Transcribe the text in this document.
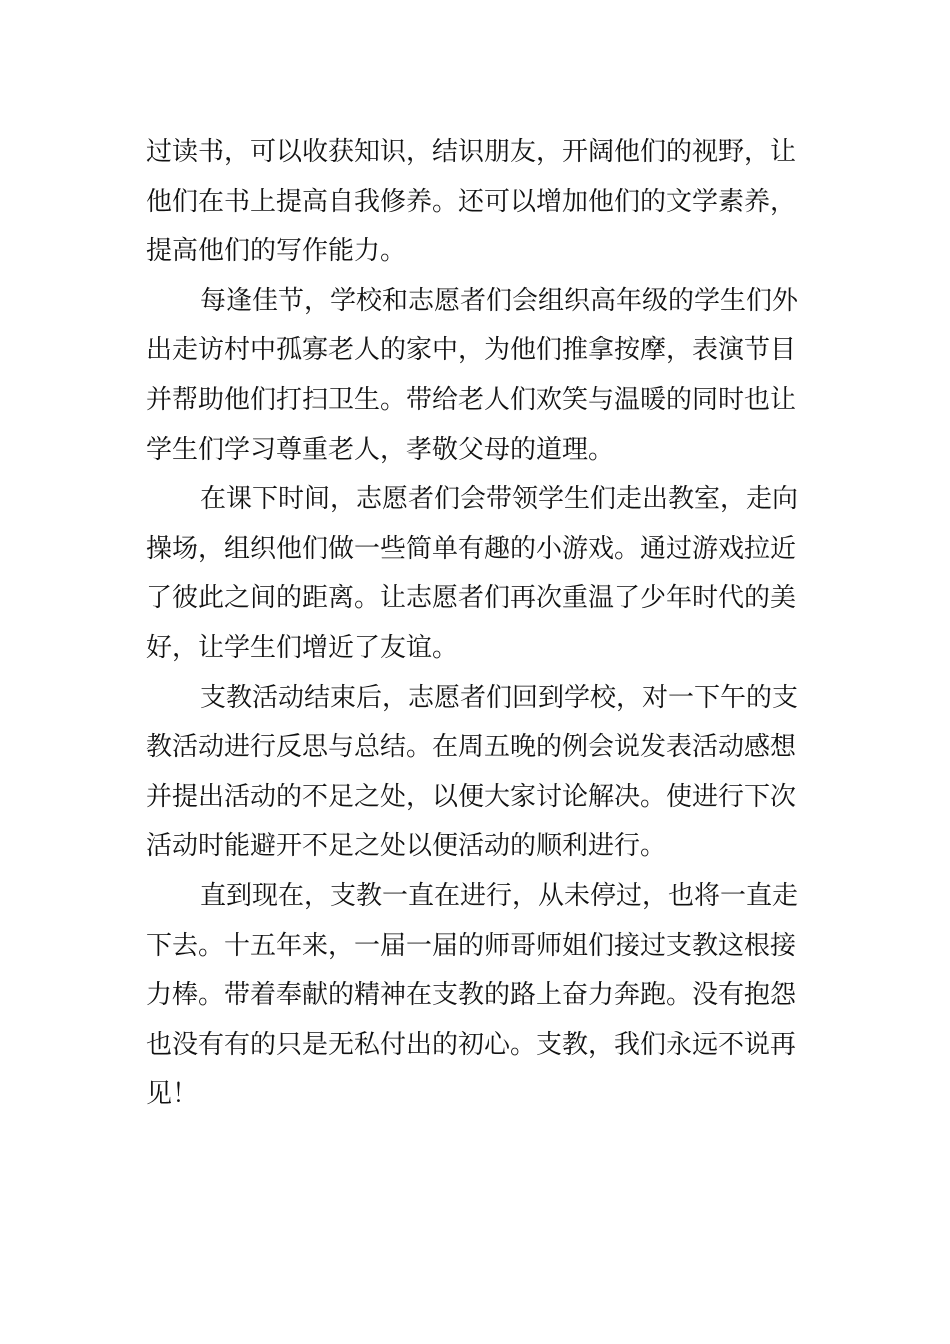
过读书，可以收获知识，结识朋友，开阔他们的视野，让
他们在书上提高自我修养。还可以增加他们的文学素养，
提高他们的写作能力。
每逢佳节，学校和志愿者们会组织高年级的学生们外
出走访村中孤寡老人的家中，为他们推拿按摩，表演节目
并帮助他们打扫卫生。带给老人们欢笑与温暖的同时也让
学生们学习尊重老人，孝敬父母的道理。
在课下时间，志愿者们会带领学生们走出教室，走向
操场，组织他们做一些简单有趣的小游戏。通过游戏拉近
了彼此之间的距离。让志愿者们再次重温了少年时代的美
好，让学生们增近了友谊。
支教活动结束后，志愿者们回到学校，对一下午的支
教活动进行反思与总结。在周五晚的例会说发表活动感想
并提出活动的不足之处，以便大家讨论解决。使进行下次
活动时能避开不足之处以便活动的顺利进行。
直到现在，支教一直在进行，从未停过，也将一直走
下去。十五年来，一届一届的师哥师姐们接过支教这根接
力棒。带着奉献的精神在支教的路上奋力奔跑。没有抱怨
也没有有的只是无私付出的初心。支教，我们永远不说再
见！
